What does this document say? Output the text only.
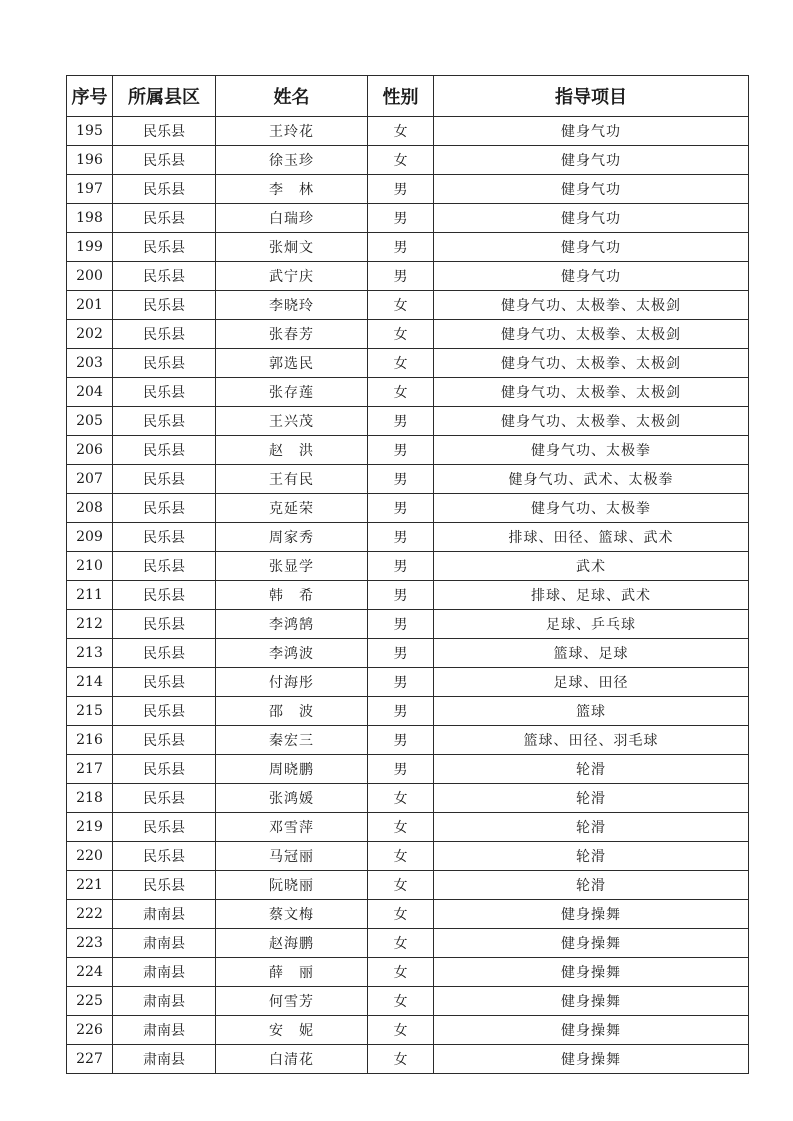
序号	所属县区	姓名	性别	指导项目
195	民乐县	王玲花	女	健身气功
196	民乐县	徐玉珍	女	健身气功
197	民乐县	李　林	男	健身气功
198	民乐县	白瑞珍	男	健身气功
199	民乐县	张炯文	男	健身气功
200	民乐县	武宁庆	男	健身气功
201	民乐县	李晓玲	女	健身气功、太极拳、太极剑
202	民乐县	张春芳	女	健身气功、太极拳、太极剑
203	民乐县	郭选民	女	健身气功、太极拳、太极剑
204	民乐县	张存莲	女	健身气功、太极拳、太极剑
205	民乐县	王兴茂	男	健身气功、太极拳、太极剑
206	民乐县	赵　洪	男	健身气功、太极拳
207	民乐县	王有民	男	健身气功、武术、太极拳
208	民乐县	克延荣	男	健身气功、太极拳
209	民乐县	周家秀	男	排球、田径、篮球、武术
210	民乐县	张显学	男	武术
211	民乐县	韩　希	男	排球、足球、武术
212	民乐县	李鸿鹄	男	足球、乒乓球
213	民乐县	李鸿波	男	篮球、足球
214	民乐县	付海彤	男	足球、田径
215	民乐县	邵　波	男	篮球
216	民乐县	秦宏三	男	篮球、田径、羽毛球
217	民乐县	周晓鹏	男	轮滑
218	民乐县	张鸿媛	女	轮滑
219	民乐县	邓雪萍	女	轮滑
220	民乐县	马冠丽	女	轮滑
221	民乐县	阮晓丽	女	轮滑
222	肃南县	蔡文梅	女	健身操舞
223	肃南县	赵海鹏	女	健身操舞
224	肃南县	薛　丽	女	健身操舞
225	肃南县	何雪芳	女	健身操舞
226	肃南县	安　妮	女	健身操舞
227	肃南县	白清花	女	健身操舞
